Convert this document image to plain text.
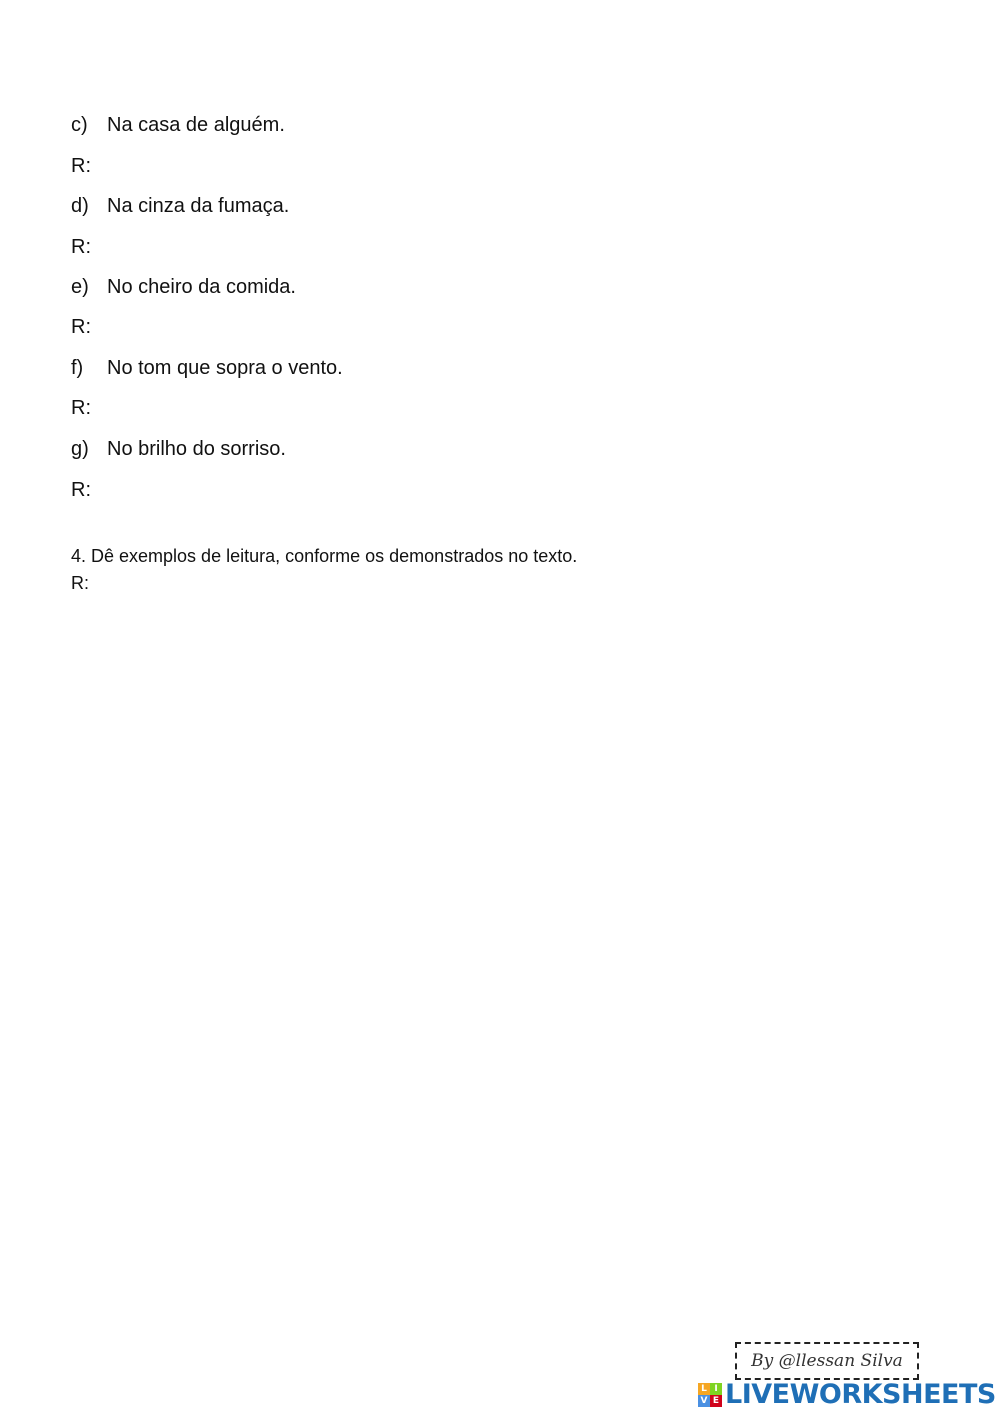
c) Na casa de alguém.
R:
d) Na cinza da fumaça.
R:
e) No cheiro da comida.
R:
f) No tom que sopra o vento.
R:
g) No brilho do sorriso.
R:
4. Dê exemplos de leitura, conforme os demonstrados no texto.
R:
By @llessan Silva
L I
V E LIVEWORKSHEETS
